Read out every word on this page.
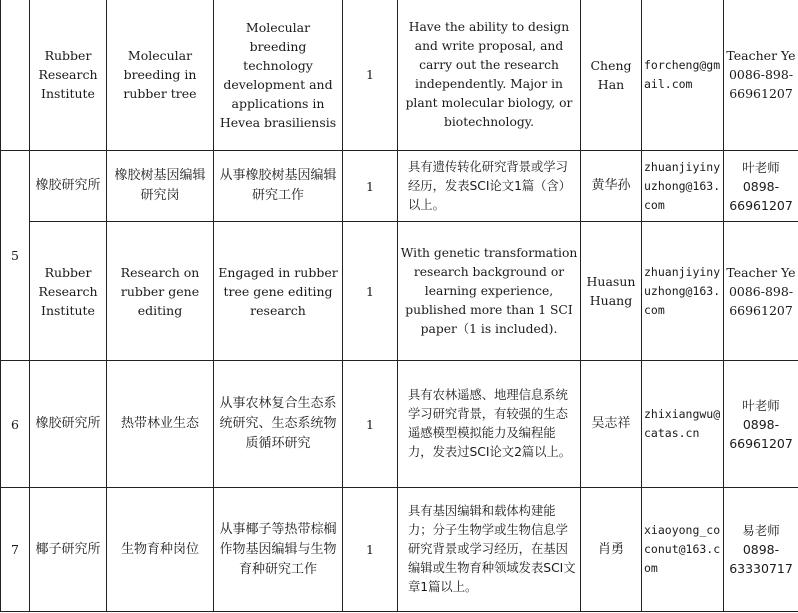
	Rubber Research Institute	Molecular breeding in rubber tree	Molecular breeding technology development and applications in Hevea brasiliensis	1	Have the ability to design and write proposal, and carry out the research independently. Major in plant molecular biology, or biotechnology.	Cheng Han	forcheng@gmail.com	Teacher Ye 0086-898-66961207
5	橡胶研究所	橡胶树基因编辑研究岗	从事橡胶树基因编辑研究工作	1	具有遗传转化研究背景或学习经历，发表SCI论文1篇（含）以上。	黄华孙	zhuanjiyinyuzhong@163.com	叶老师 0898-66961207
	Rubber Research Institute	Research on rubber gene editing	Engaged in rubber tree gene editing research	1	With genetic transformation research background or learning experience, published more than 1 SCI paper（1 is included).	Huasun Huang	zhuanjiyinyuzhong@163.com	Teacher Ye 0086-898-66961207
6	橡胶研究所	热带林业生态	从事农林复合生态系统研究、生态系统物质循环研究	1	具有农林遥感、地理信息系统学习研究背景，有较强的生态遥感模型模拟能力及编程能力，发表过SCI论文2篇以上。	吴志祥	zhixiangwu@catas.cn	叶老师 0898-66961207
7	椰子研究所	生物育种岗位	从事椰子等热带棕榈作物基因编辑与生物育种研究工作	1	具有基因编辑和载体构建能力；分子生物学或生物信息学研究背景或学习经历，在基因编辑或生物育种领域发表SCI文章1篇以上。	肖勇	xiaoyong_coconut@163.com	易老师 0898-63330717
